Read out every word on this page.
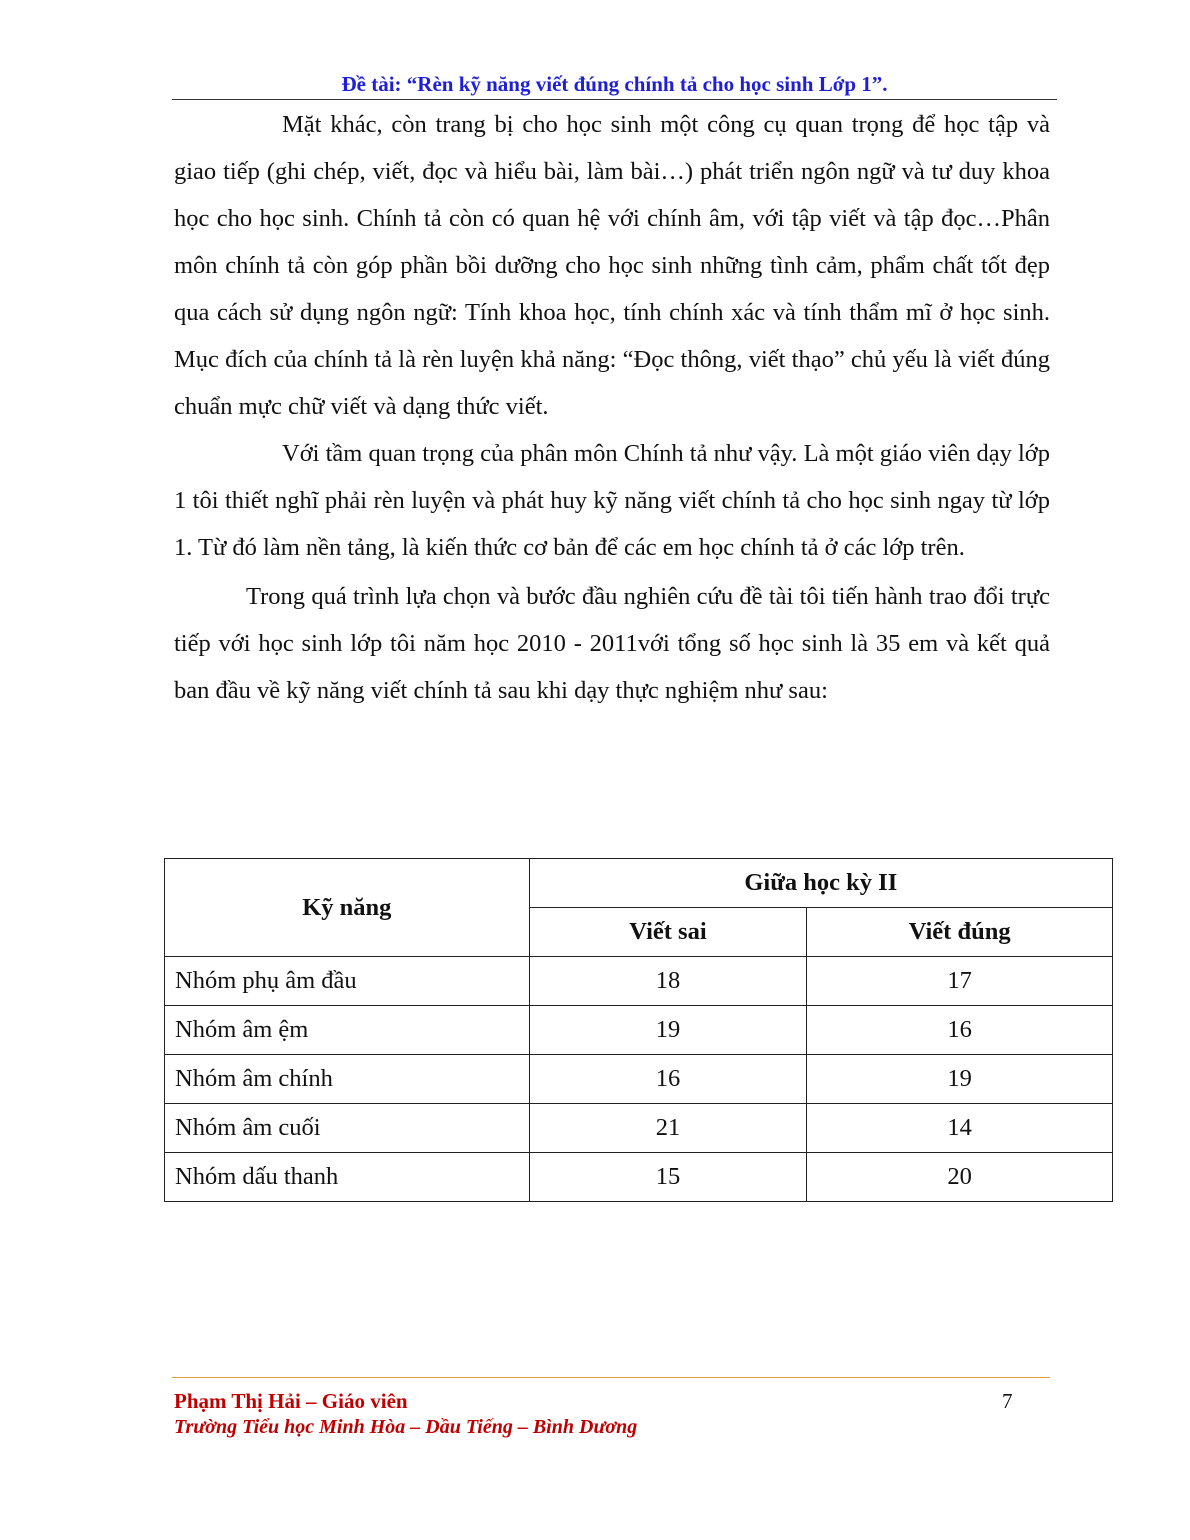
Đề tài: “Rèn kỹ năng viết đúng chính tả cho học sinh Lớp 1”.

Mặt khác, còn trang bị cho học sinh một công cụ quan trọng để học tập và giao tiếp (ghi chép, viết, đọc và hiểu bài, làm bài…) phát triển ngôn ngữ và tư duy khoa học cho học sinh. Chính tả còn có quan hệ với chính âm, với tập viết và tập đọc…Phân môn chính tả còn góp phần bồi dưỡng cho học sinh những tình cảm, phẩm chất tốt đẹp qua cách sử dụng ngôn ngữ: Tính khoa học, tính chính xác và tính thẩm mĩ ở học sinh. Mục đích của chính tả là rèn luyện khả năng: “Đọc thông, viết thạo” chủ yếu là viết đúng chuẩn mực chữ viết và dạng thức viết.

Với tầm quan trọng của phân môn Chính tả như vậy. Là một giáo viên dạy lớp 1 tôi thiết nghĩ phải rèn luyện và phát huy kỹ năng viết chính tả cho học sinh ngay từ lớp 1. Từ đó làm nền tảng, là kiến thức cơ bản để các em học chính tả ở các lớp trên.

Trong quá trình lựa chọn và bước đầu nghiên cứu đề tài tôi tiến hành trao đổi trực tiếp với học sinh lớp tôi năm học 2010 - 2011với tổng số học sinh là 35 em và kết quả ban đầu về kỹ năng viết chính tả sau khi dạy thực nghiệm như sau:

Kỹ năng	Giữa học kỳ II	
	Viết sai	Viết đúng
Nhóm phụ âm đầu	18	17
Nhóm âm ệm	19	16
Nhóm âm chính	16	19
Nhóm âm cuối	21	14
Nhóm dấu thanh	15	20
Phạm Thị Hải – Giáo viên
Trường Tiểu học Minh Hòa – Dầu Tiếng – Bình Dương
7
